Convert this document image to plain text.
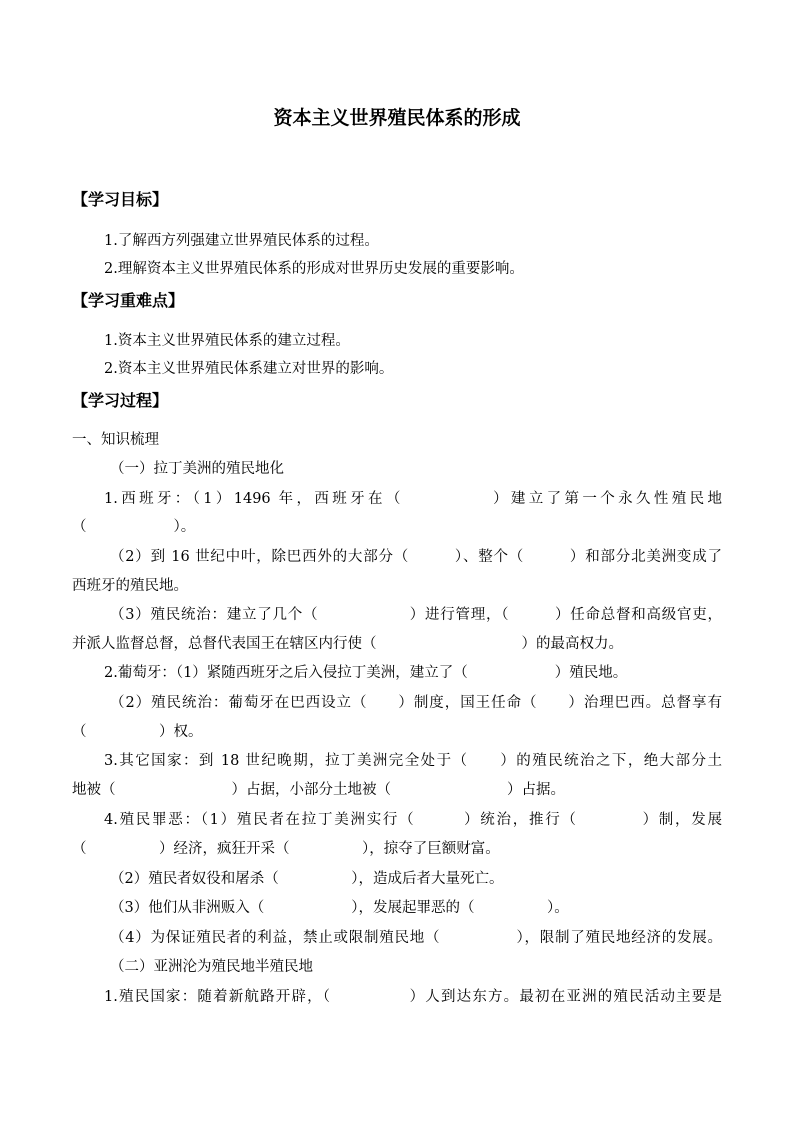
资本主义世界殖民体系的形成
【学习目标】
1.了解西方列强建立世界殖民体系的过程。
2.理解资本主义世界殖民体系的形成对世界历史发展的重要影响。
【学习重难点】
1.资本主义世界殖民体系的建立过程。
2.资本主义世界殖民体系建立对世界的影响。
【学习过程】
一、知识梳理
（一）拉丁美洲的殖民地化
1.西班牙：（1）1496 年，西班牙在（　　　　　）建立了第一个永久性殖民地
（　　　　　　）。
（2）到 16 世纪中叶，除巴西外的大部分（　　　）、整个（　　　）和部分北美洲变成了
西班牙的殖民地。
（3）殖民统治：建立了几个（　　　　　　）进行管理，（　　　）任命总督和高级官吏，
并派人监督总督，总督代表国王在辖区内行使（　　　　　　　　　　）的最高权力。
2.葡萄牙：（1）紧随西班牙之后入侵拉丁美洲，建立了（　　　　　　）殖民地。
（2）殖民统治：葡萄牙在巴西设立（　　）制度，国王任命（　　）治理巴西。总督享有
（　　　　　）权。
3.其它国家：到 18 世纪晚期，拉丁美洲完全处于（　　）的殖民统治之下，绝大部分土
地被（　　　　　　　　）占据，小部分土地被（　　　　　　　　）占据。
4.殖民罪恶：（1）殖民者在拉丁美洲实行（　　　）统治，推行（　　　　）制，发展
（　　　　　）经济，疯狂开采（　　　　　），掠夺了巨额财富。
（2）殖民者奴役和屠杀（　　　　　），造成后者大量死亡。
（3）他们从非洲贩入（　　　　　　），发展起罪恶的（　　　　　）。
（4）为保证殖民者的利益，禁止或限制殖民地（　　　　　），限制了殖民地经济的发展。
（二）亚洲沦为殖民地半殖民地
1.殖民国家：随着新航路开辟，（　　　　　）人到达东方。最初在亚洲的殖民活动主要是
